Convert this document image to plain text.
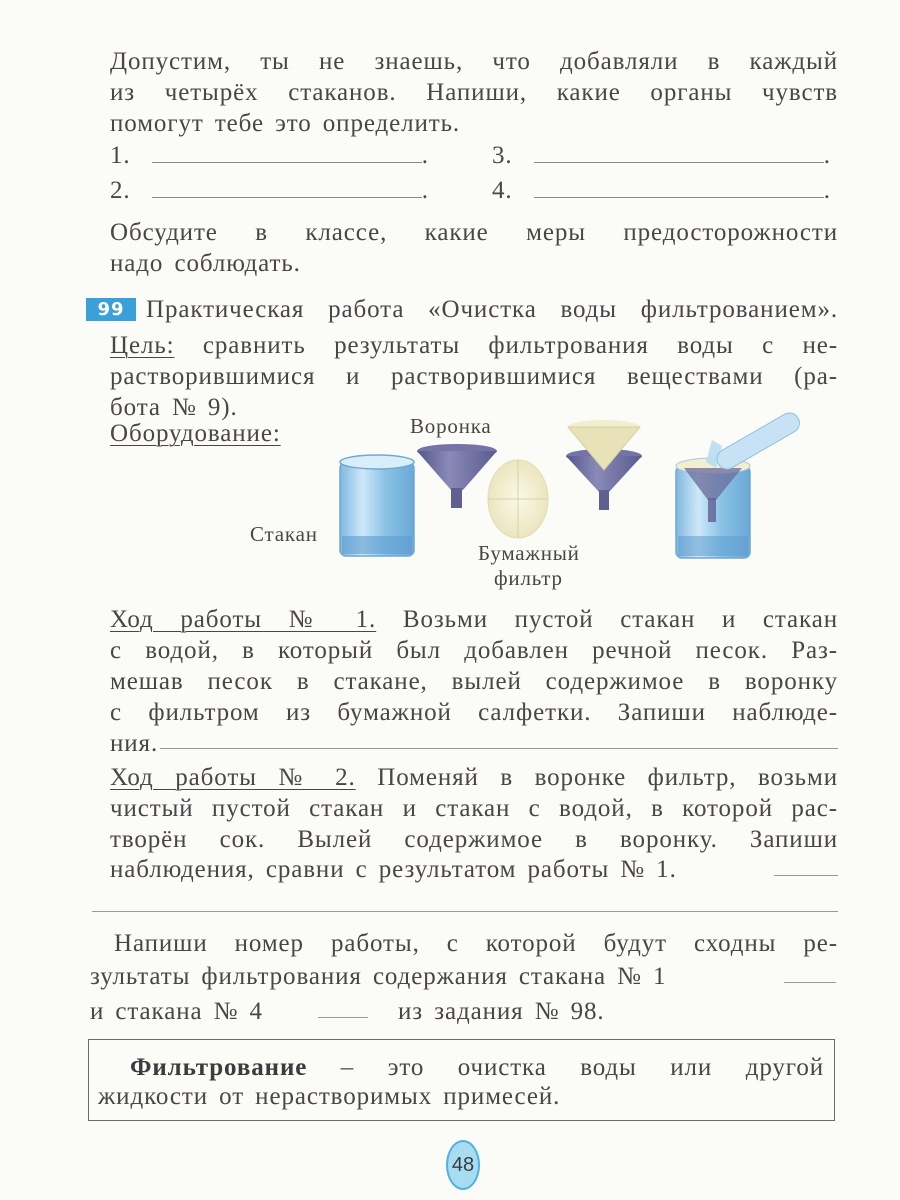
Допустим, ты не знаешь, что добавляли в каждый

из четырёх стаканов. Напиши, какие органы чувств

помогут тебе это определить.

1.	.	3.	.
2.	.	4.	.

Обсудите в классе, какие меры предосторожности

надо соблюдать.

99 Практическая работа «Очистка воды фильтрованием».

Цель: сравнить результаты фильтрования воды с не-

растворившимися и растворившимися веществами (ра-

бота № 9).

Оборудование:	Воронка
Стакан
Бумажный
фильтр
Ход работы № 1. Возьми пустой стакан и стакан

с водой, в который был добавлен речной песок. Раз-

мешав песок в стакане, вылей содержимое в воронку

с фильтром из бумажной салфетки. Запиши наблюде-

ния.
Ход работы № 2. Поменяй в воронке фильтр, возьми

чистый пустой стакан и стакан с водой, в которой рас-

творён сок. Вылей содержимое в воронку. Запиши

наблюдения, сравни с результатом работы № 1.

Напиши номер работы, с которой будут сходны ре-

зультаты фильтрования содержания стакана № 1
и стакана № 4	из задания № 98.
Фильтрование – это очистка воды или другой
жидкости от нерастворимых примесей.
48
